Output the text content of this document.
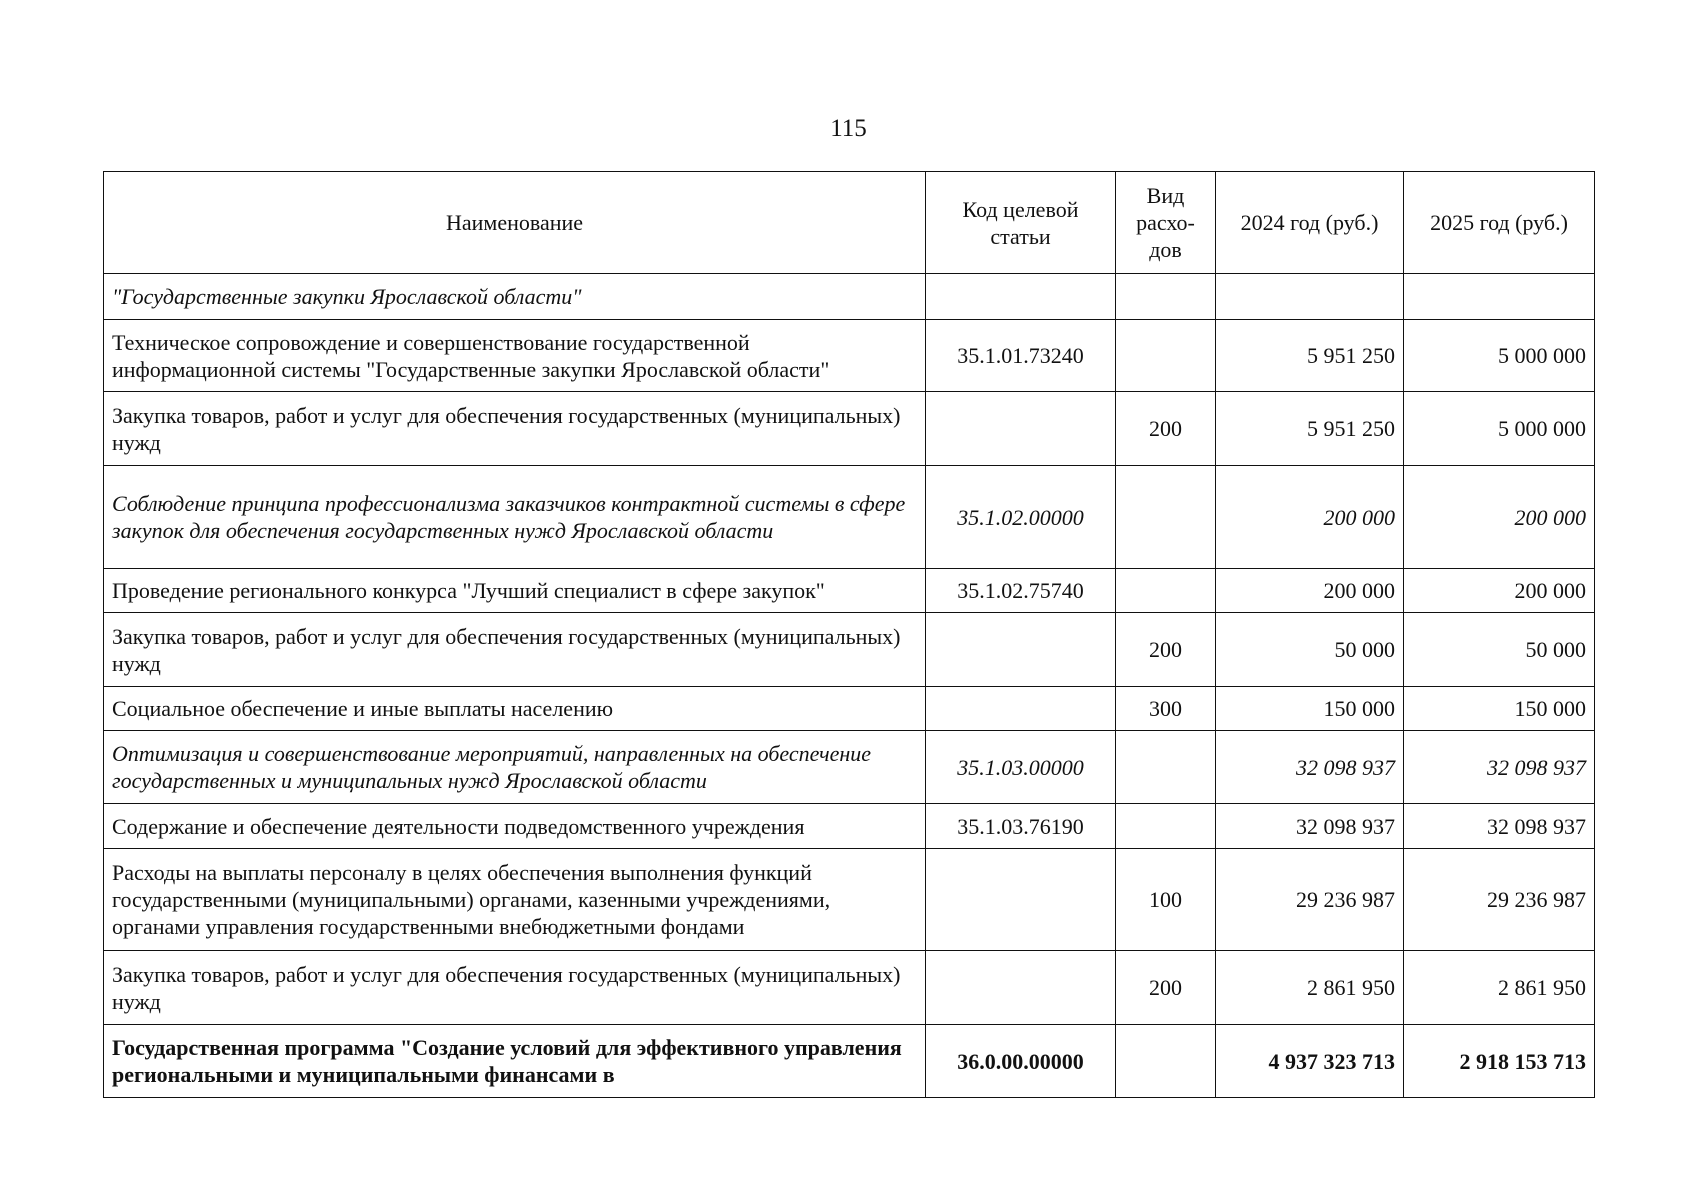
115
Наименование	Код целевой статьи	Вид расхо-дов	2024 год (руб.)	2025 год (руб.)
"Государственные закупки Ярославской области"				
Техническое сопровождение и совершенствование государственной информационной системы "Государственные закупки Ярославской области"	35.1.01.73240		5 951 250	5 000 000
Закупка товаров, работ и услуг для обеспечения государственных (муниципальных) нужд		200	5 951 250	5 000 000
Соблюдение принципа профессионализма заказчиков контрактной системы в сфере закупок для обеспечения государственных нужд Ярославской области	35.1.02.00000		200 000	200 000
Проведение регионального конкурса "Лучший специалист в сфере закупок"	35.1.02.75740		200 000	200 000
Закупка товаров, работ и услуг для обеспечения государственных (муниципальных) нужд		200	50 000	50 000
Социальное обеспечение и иные выплаты населению		300	150 000	150 000
Оптимизация и совершенствование мероприятий, направленных на обеспечение государственных и муниципальных нужд Ярославской области	35.1.03.00000		32 098 937	32 098 937
Содержание и обеспечение деятельности подведомственного учреждения	35.1.03.76190		32 098 937	32 098 937
Расходы на выплаты персоналу в целях обеспечения выполнения функций государственными (муниципальными) органами, казенными учреждениями, органами управления государственными внебюджетными фондами		100	29 236 987	29 236 987
Закупка товаров, работ и услуг для обеспечения государственных (муниципальных) нужд		200	2 861 950	2 861 950
Государственная программа "Создание условий для эффективного управления региональными и муниципальными финансами в	36.0.00.00000		4 937 323 713	2 918 153 713
